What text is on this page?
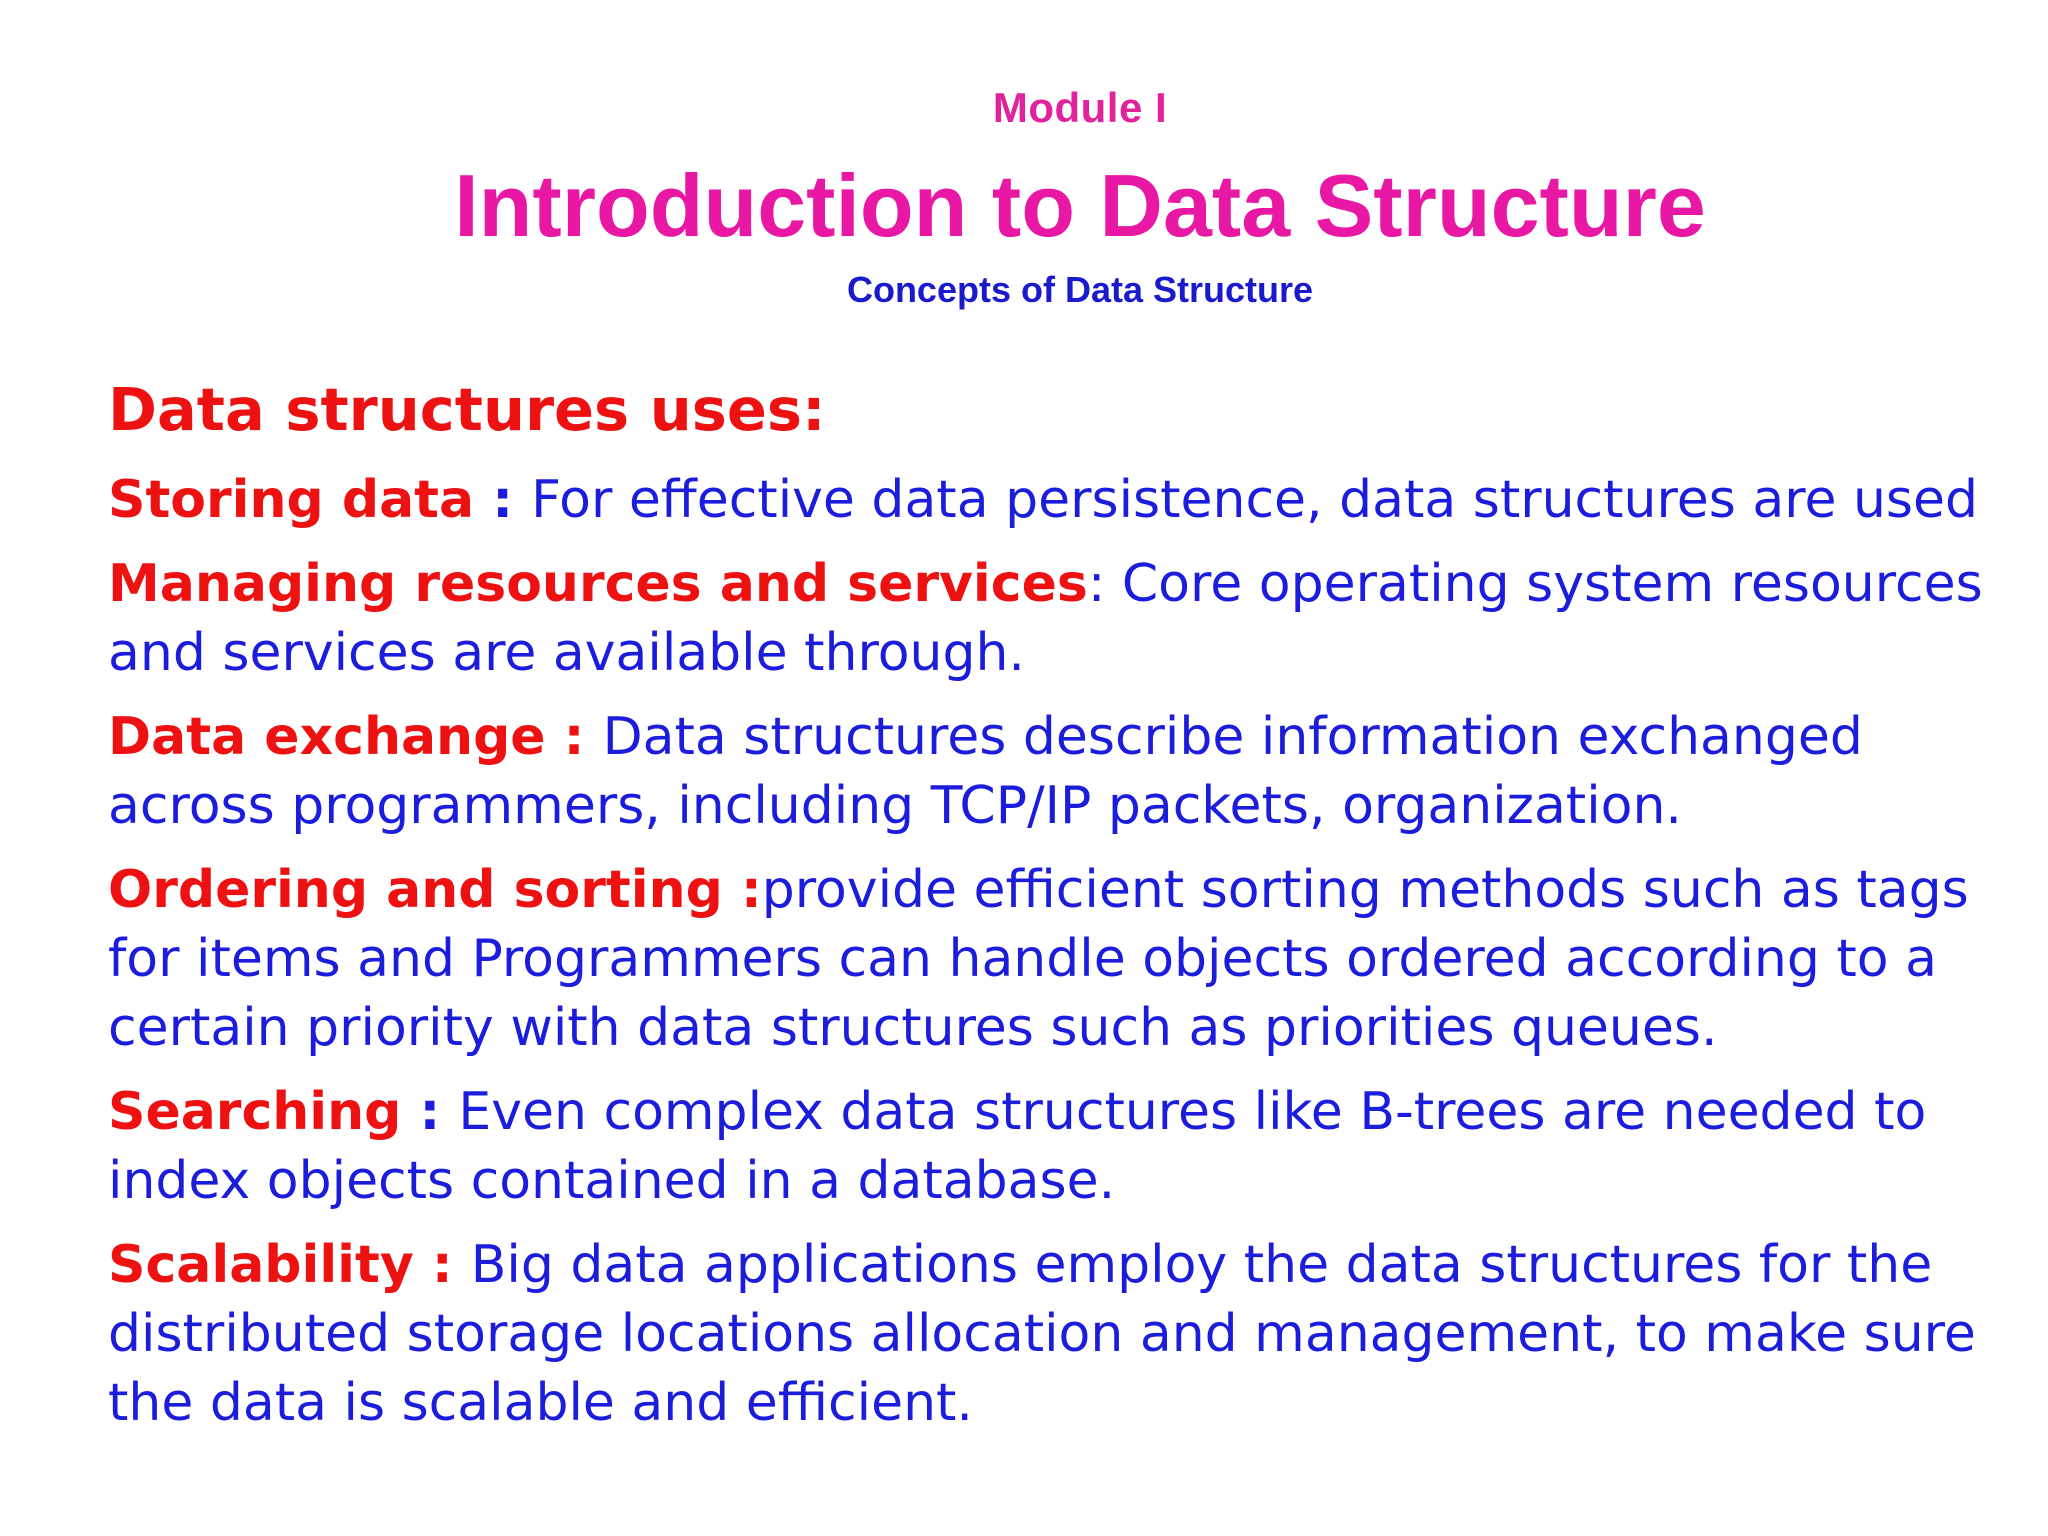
Module I
Introduction to Data Structure
Concepts of Data Structure
Data structures uses:

Storing data : For effective data persistence, data structures are used

Managing resources and services: Core operating system resources and services are available through.

Data exchange : Data structures describe information exchanged across programmers, including TCP/IP packets, organization.

Ordering and sorting :provide efficient sorting methods such as tags for items and Programmers can handle objects ordered according to a certain priority with data structures such as priorities queues.

Searching : Even complex data structures like B-trees are needed to index objects contained in a database.

Scalability : Big data applications employ the data structures for the distributed storage locations allocation and management, to make sure the data is scalable and efficient.
